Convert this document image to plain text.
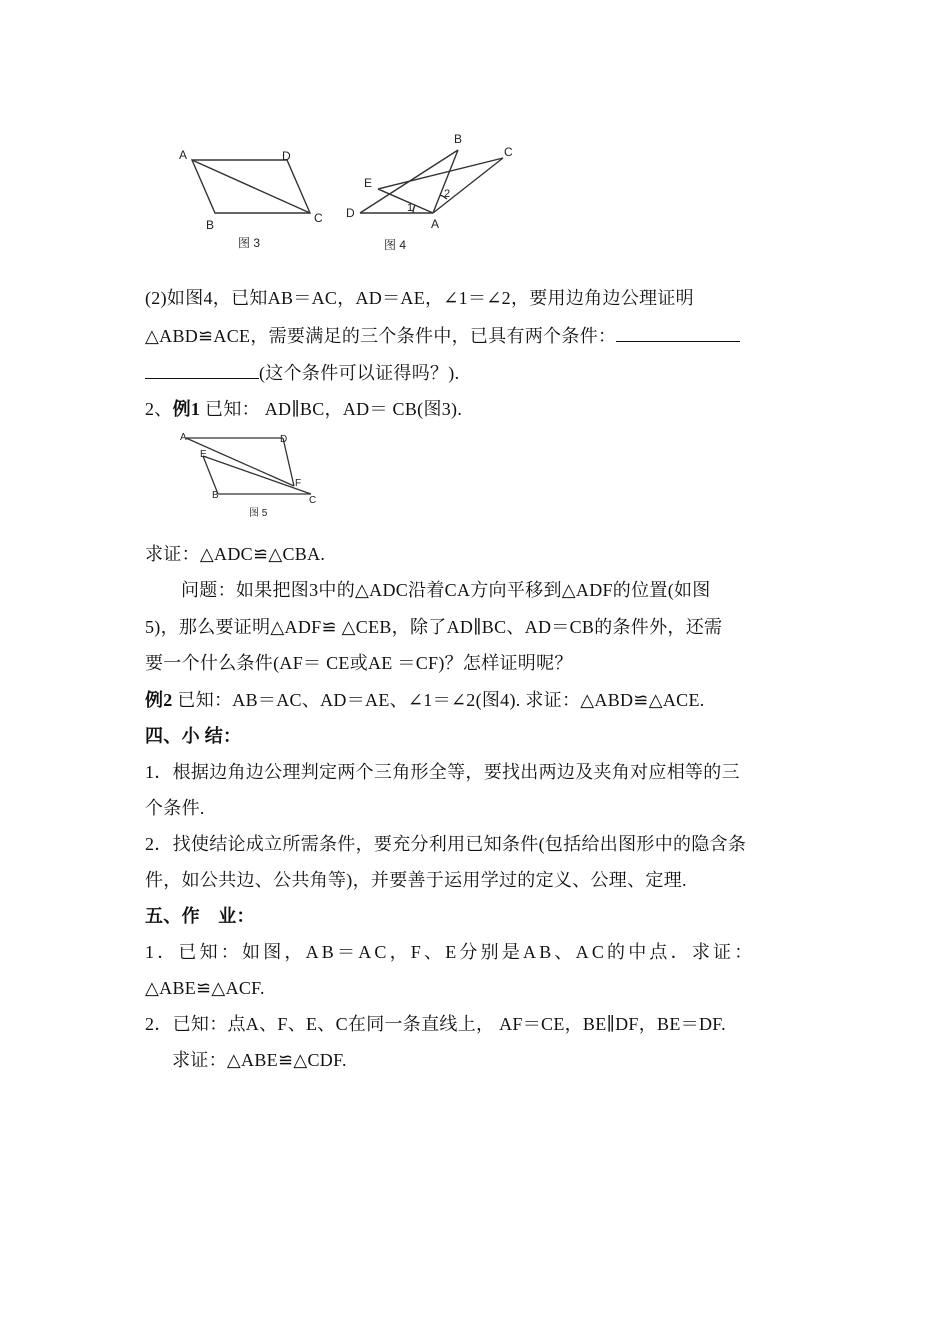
A	D
B	C
图 3
B
C
E
D
A
1
2
图 4
(2)如图4，已知AB＝AC，AD＝AE，∠1＝∠2，要用边角边公理证明
△ABD≌ACE，需要满足的三个条件中，已具有两个条件：
(这个条件可以证得吗？).
2、例1 已知： AD∥BC，AD＝ CB(图3).
A	D
E
F
B	C
图 5
求证：△ADC≌△CBA.
问题：如果把图3中的△ADC沿着CA方向平移到△ADF的位置(如图
5)，那么要证明△ADF≌ △CEB，除了AD∥BC、AD＝CB的条件外，还需
要一个什么条件(AF＝ CE或AE ＝CF)？怎样证明呢？
例2 已知：AB＝AC、AD＝AE、∠1＝∠2(图4). 求证：△ABD≌△ACE.
四、小 结：
1．根据边角边公理判定两个三角形全等，要找出两边及夹角对应相等的三
个条件.
2．找使结论成立所需条件，要充分利用已知条件(包括给出图形中的隐含条
件，如公共边、公共角等)，并要善于运用学过的定义、公理、定理.
五、作　业：
1．已知：如图，AB＝AC，F、E分别是AB、AC的中点．求证：
△ABE≌△ACF.
2．已知：点A、F、E、C在同一条直线上， AF＝CE，BE∥DF，BE＝DF.
求证：△ABE≌△CDF.
